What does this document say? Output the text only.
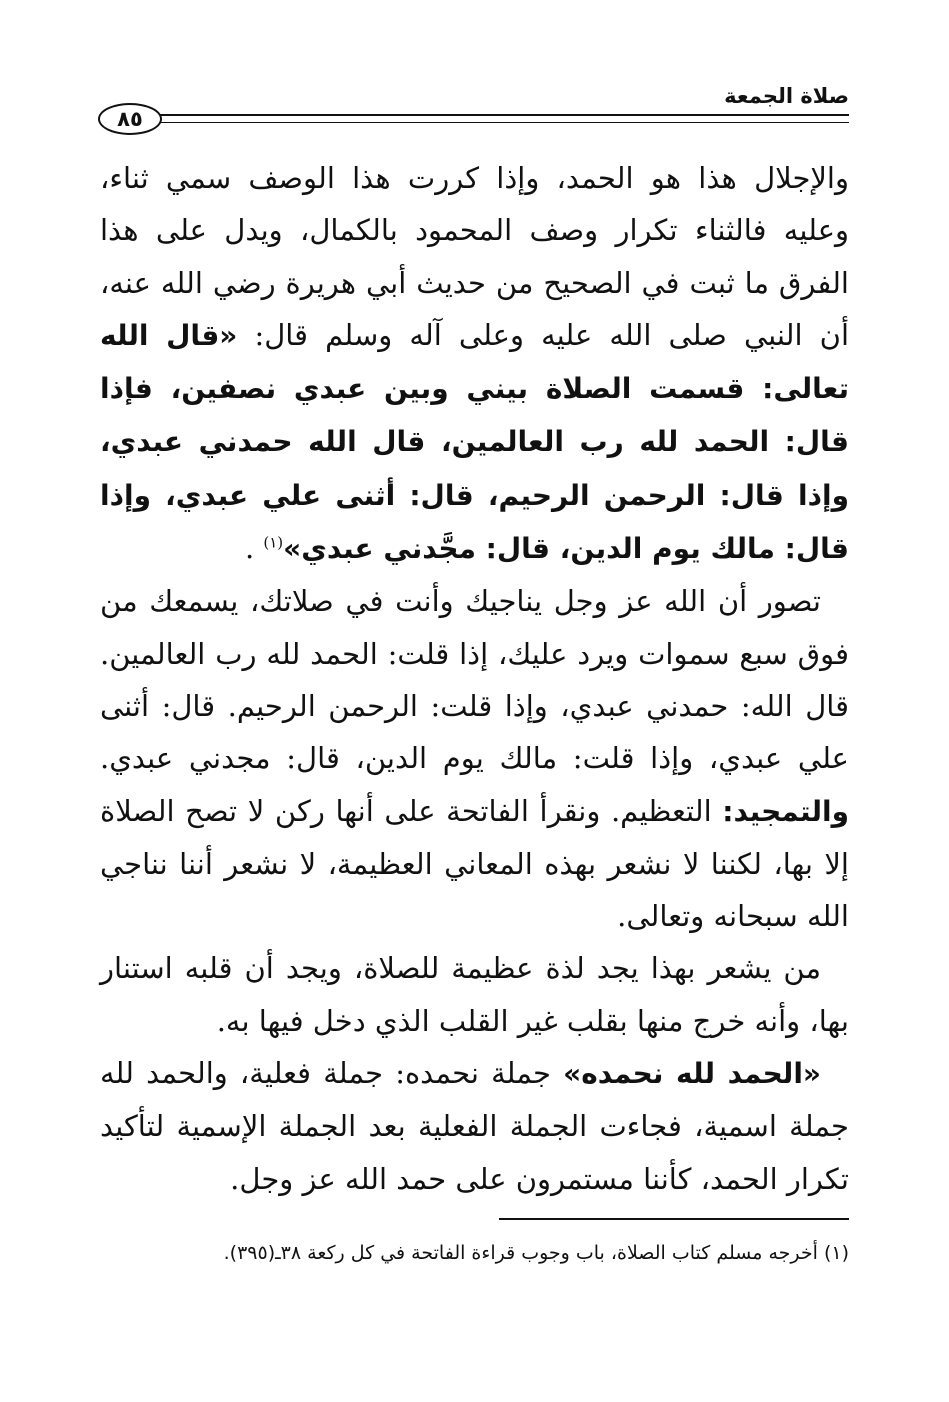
صلاة الجمعة
٨٥

والإجلال هذا هو الحمد، وإذا كررت هذا الوصف سمي ثناء، وعليه فالثناء تكرار وصف المحمود بالكمال، ويدل على هذا الفرق ما ثبت في الصحيح من حديث أبي هريرة رضي الله عنه، أن النبي صلى الله عليه وعلى آله وسلم قال: «قال الله تعالى: قسمت الصلاة بيني وبين عبدي نصفين، فإذا قال: الحمد لله رب العالمين، قال الله حمدني عبدي، وإذا قال: الرحمن الرحيم، قال: أثنى علي عبدي، وإذا قال: مالك يوم الدين، قال: مجَّدني عبدي»$^{(١)}$ .

تصور أن الله عز وجل يناجيك وأنت في صلاتك، يسمعك من فوق سبع سموات ويرد عليك، إذا قلت: الحمد لله رب العالمين. قال الله: حمدني عبدي، وإذا قلت: الرحمن الرحيم. قال: أثنى علي عبدي، وإذا قلت: مالك يوم الدين، قال: مجدني عبدي. والتمجيد: التعظيم. ونقرأ الفاتحة على أنها ركن لا تصح الصلاة إلا بها، لكننا لا نشعر بهذه المعاني العظيمة، لا نشعر أننا نناجي الله سبحانه وتعالى.

من يشعر بهذا يجد لذة عظيمة للصلاة، ويجد أن قلبه استنار بها، وأنه خرج منها بقلب غير القلب الذي دخل فيها به.

«الحمد لله نحمده» جملة نحمده: جملة فعلية، والحمد لله جملة اسمية، فجاءت الجملة الفعلية بعد الجملة الإسمية لتأكيد تكرار الحمد، كأننا مستمرون على حمد الله عز وجل.

(١) أخرجه مسلم كتاب الصلاة، باب وجوب قراءة الفاتحة في كل ركعة ٣٨ـ(٣٩٥).
